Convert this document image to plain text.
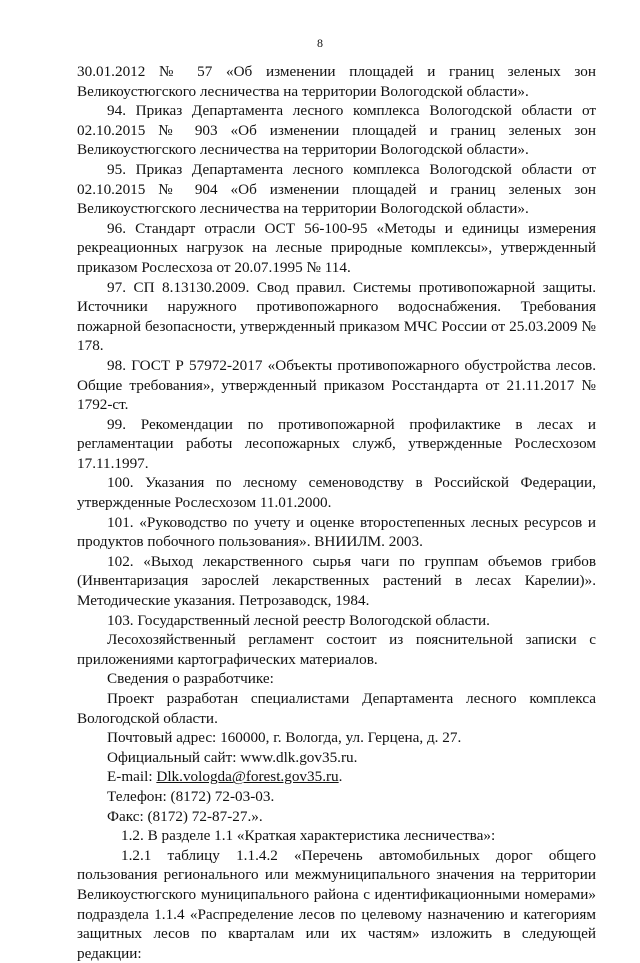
8

30.01.2012 № 57 «Об изменении площадей и границ зеленых зон Великоустюгского лесничества на территории Вологодской области».

94. Приказ Департамента лесного комплекса Вологодской области от 02.10.2015 № 903 «Об изменении площадей и границ зеленых зон Великоустюгского лесничества на территории Вологодской области».

95. Приказ Департамента лесного комплекса Вологодской области от 02.10.2015 № 904 «Об изменении площадей и границ зеленых зон Великоустюгского лесничества на территории Вологодской области».

96. Стандарт отрасли ОСТ 56-100-95 «Методы и единицы измерения рекреационных нагрузок на лесные природные комплексы», утвержденный приказом Рослесхоза от 20.07.1995 № 114.

97. СП 8.13130.2009. Свод правил. Системы противопожарной защиты. Источники наружного противопожарного водоснабжения. Требования пожарной безопасности, утвержденный приказом МЧС России от 25.03.2009 № 178.

98. ГОСТ Р 57972-2017 «Объекты противопожарного обустройства лесов. Общие требования», утвержденный приказом Росстандарта от 21.11.2017 № 1792-ст.

99. Рекомендации по противопожарной профилактике в лесах и регламентации работы лесопожарных служб, утвержденные Рослесхозом 17.11.1997.

100. Указания по лесному семеноводству в Российской Федерации, утвержденные Рослесхозом 11.01.2000.

101. «Руководство по учету и оценке второстепенных лесных ресурсов и продуктов побочного пользования». ВНИИЛМ. 2003.

102. «Выход лекарственного сырья чаги по группам объемов грибов (Инвентаризация зарослей лекарственных растений в лесах Карелии)». Методические указания. Петрозаводск, 1984.

103. Государственный лесной реестр Вологодской области.

Лесохозяйственный регламент состоит из пояснительной записки с приложениями картографических материалов.

Сведения о разработчике:

Проект разработан специалистами Департамента лесного комплекса Вологодской области.

Почтовый адрес: 160000, г. Вологда, ул. Герцена, д. 27.

Официальный сайт: www.dlk.gov35.ru.

E-mail: Dlk.vologda@forest.gov35.ru.

Телефон: (8172) 72-03-03.

Факс: (8172) 72-87-27.».

1.2. В разделе 1.1 «Краткая характеристика лесничества»:

1.2.1 таблицу 1.1.4.2 «Перечень автомобильных дорог общего пользования регионального или межмуниципального значения на территории Великоустюгского муниципального района с идентификационными номерами» подраздела 1.1.4 «Распределение лесов по целевому назначению и категориям защитных лесов по кварталам или их частям» изложить в следующей редакции:
